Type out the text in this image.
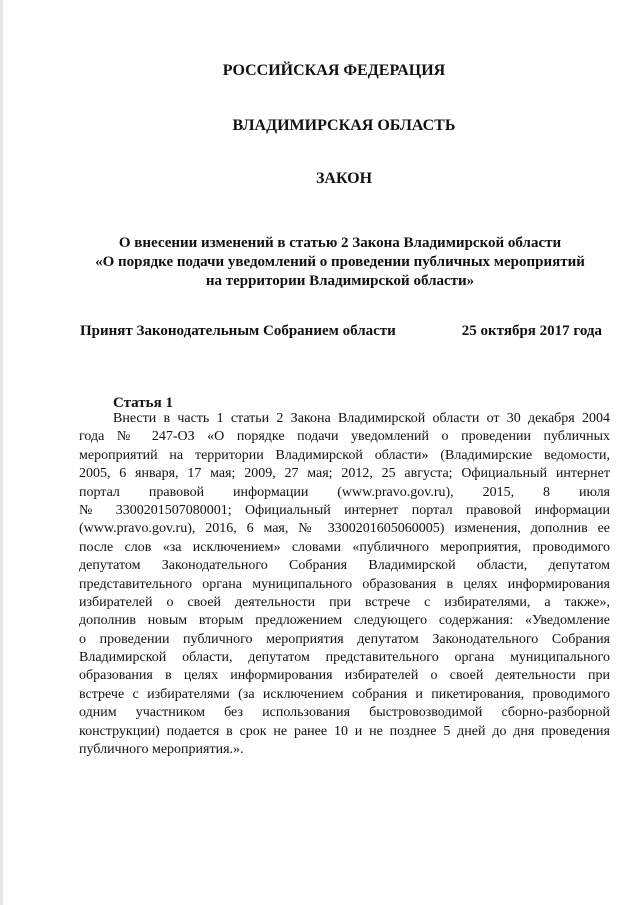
РОССИЙСКАЯ ФЕДЕРАЦИЯ
ВЛАДИМИРСКАЯ ОБЛАСТЬ
ЗАКОН
О внесении изменений в статью 2 Закона Владимирской области
«О порядке подачи уведомлений о проведении публичных мероприятий
на территории Владимирской области»
Принят Законодательным Собранием области	25 октября 2017 года
Статья 1
Внести в часть 1 статьи 2 Закона Владимирской области от 30 декабря 2004
года № 247-ОЗ «О порядке подачи уведомлений о проведении публичных
мероприятий на территории Владимирской области» (Владимирские ведомости,
2005, 6 января, 17 мая; 2009, 27 мая; 2012, 25 августа; Официальный интернет
портал правовой информации (www.pravo.gov.ru), 2015, 8 июля
№ 3300201507080001; Официальный интернет портал правовой информации
(www.pravo.gov.ru), 2016, 6 мая, № 3300201605060005) изменения, дополнив ее
после слов «за исключением» словами «публичного мероприятия, проводимого
депутатом Законодательного Собрания Владимирской области, депутатом
представительного органа муниципального образования в целях информирования
избирателей о своей деятельности при встрече с избирателями, а также»,
дополнив новым вторым предложением следующего содержания: «Уведомление
о проведении публичного мероприятия депутатом Законодательного Собрания
Владимирской области, депутатом представительного органа муниципального
образования в целях информирования избирателей о своей деятельности при
встрече с избирателями (за исключением собрания и пикетирования, проводимого
одним участником без использования быстровозводимой сборно-разборной
конструкции) подается в срок не ранее 10 и не позднее 5 дней до дня проведения
публичного мероприятия.».
